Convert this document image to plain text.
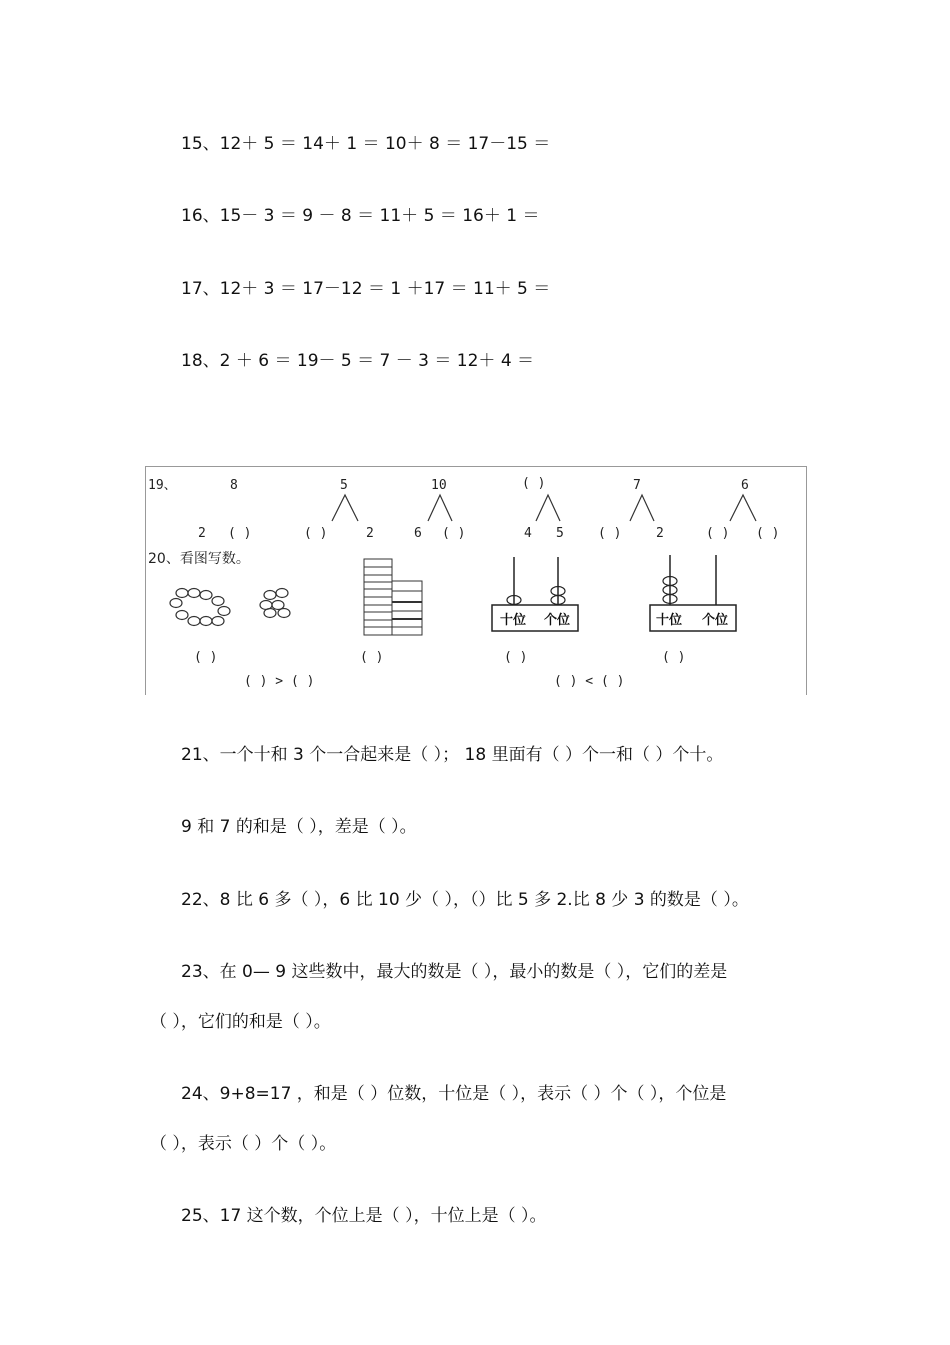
15、12＋ 5 ＝ 14＋ 1 ＝ 10＋ 8 ＝ 17－15 ＝
16、15－ 3 ＝ 9 － 8 ＝ 11＋ 5 ＝ 16＋ 1 ＝
17、12＋ 3 ＝ 17－12 ＝ 1 ＋17 ＝ 11＋ 5 ＝
18、2 ＋ 6 ＝ 19－ 5 ＝ 7 － 3 ＝ 12＋ 4 ＝
19、	8
2 ( )
5
( )	2
10
6 ( )
( )
4 5
7
( )	2
6
( ) ( )
20、看图写数。
十位 个位	十位 个位
( )	( )	( )	( )
( ) > ( )	( ) < ( )
21、一个十和 3 个一合起来是（ ）； 18 里面有（ ）个一和（ ）个十。
9 和 7 的和是（ ），差是（ ）。
22、8 比 6 多（ ），6 比 10 少（ ），（）比 5 多 2.比 8 少 3 的数是（ ）。
23、在 0— 9 这些数中，最大的数是（ ），最小的数是（ ），它们的差是
（ ），它们的和是（ ）。
24、9+8=17 ，和是（ ）位数，十位是（ ），表示（ ）个（ ），个位是
（ ），表示（ ）个（ ）。
25、17 这个数，个位上是（ ），十位上是（ ）。
